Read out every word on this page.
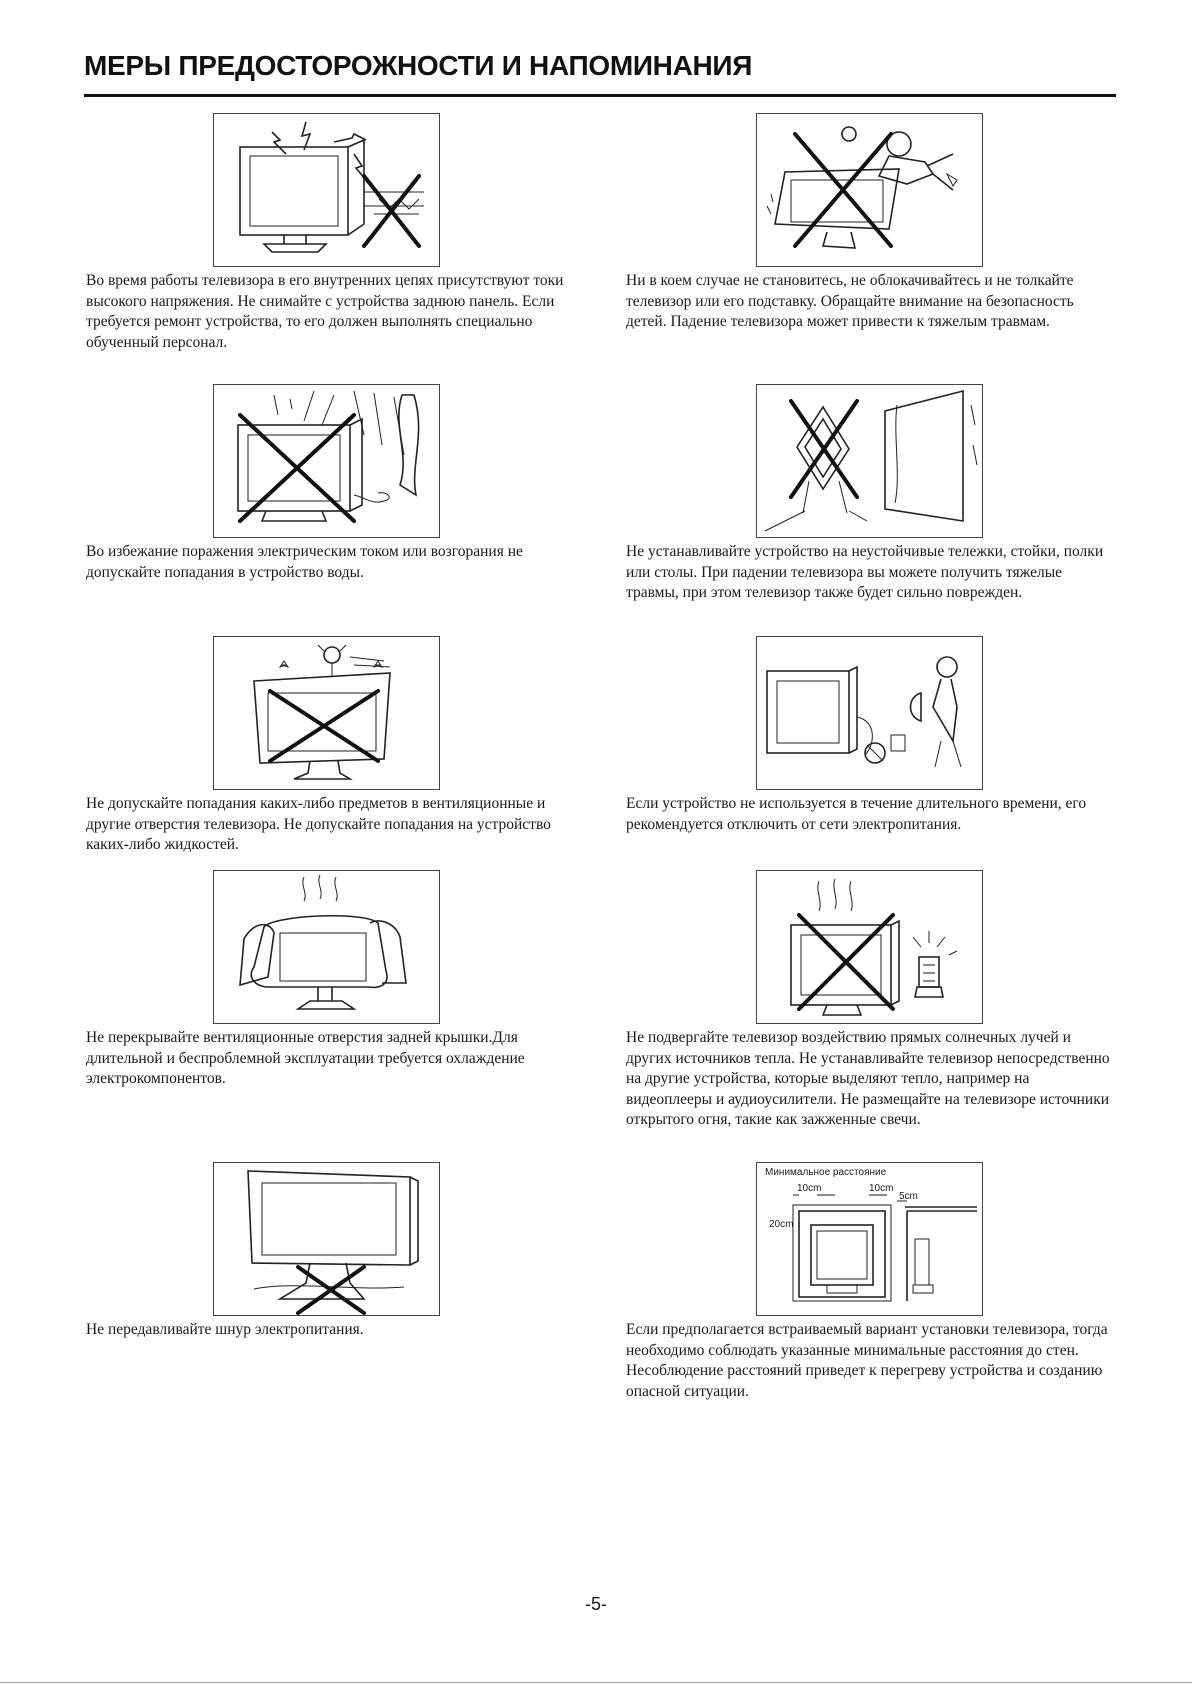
МЕРЫ ПРЕДОСТОРОЖНОСТИ И НАПОМИНАНИЯ

Во время работы телевизора в его внутренних цепях присутствуют токи высокого напряжения. Не снимайте с устройства заднюю панель. Если требуется ремонт устройства, то его должен выполнять специально обученный персонал.

Ни в коем случае не становитесь, не облокачивайтесь и не толкайте телевизор или его подставку. Обращайте внимание на безопасность детей. Падение телевизора может привести к тяжелым травмам.

Во избежание поражения электрическим током или возгорания не допускайте попадания в устройство воды.

Не устанавливайте устройство на неустойчивые тележки, стойки, полки или столы. При падении телевизора вы можете получить тяжелые травмы, при этом телевизор также будет сильно поврежден.

Не допускайте попадания каких-либо предметов в вентиляционные и другие отверстия телевизора. Не допускайте попадания на устройство каких-либо жидкостей.

Если устройство не используется в течение длительного времени, его рекомендуется отключить от сети электропитания.

Не перекрывайте вентиляционные отверстия задней крышки.Для длительной и беспроблемной эксплуатации требуется охлаждение электрокомпонентов.

Не подвергайте телевизор воздействию прямых солнечных лучей и других источников тепла. Не устанавливайте телевизор непосредственно на другие устройства, которые выделяют тепло, например на видеоплееры и аудиоусилители. Не размещайте на телевизоре источники открытого огня, такие как зажженные свечи.

Не передавливайте шнур электропитания.

Минимальное расстояние
10cm	10cm
5cm
20cm

Если предполагается встраиваемый вариант установки телевизора, тогда необходимо соблюдать указанные минимальные расстояния до стен. Несоблюдение расстояний приведет к перегреву устройства и созданию опасной ситуации.

-5-
